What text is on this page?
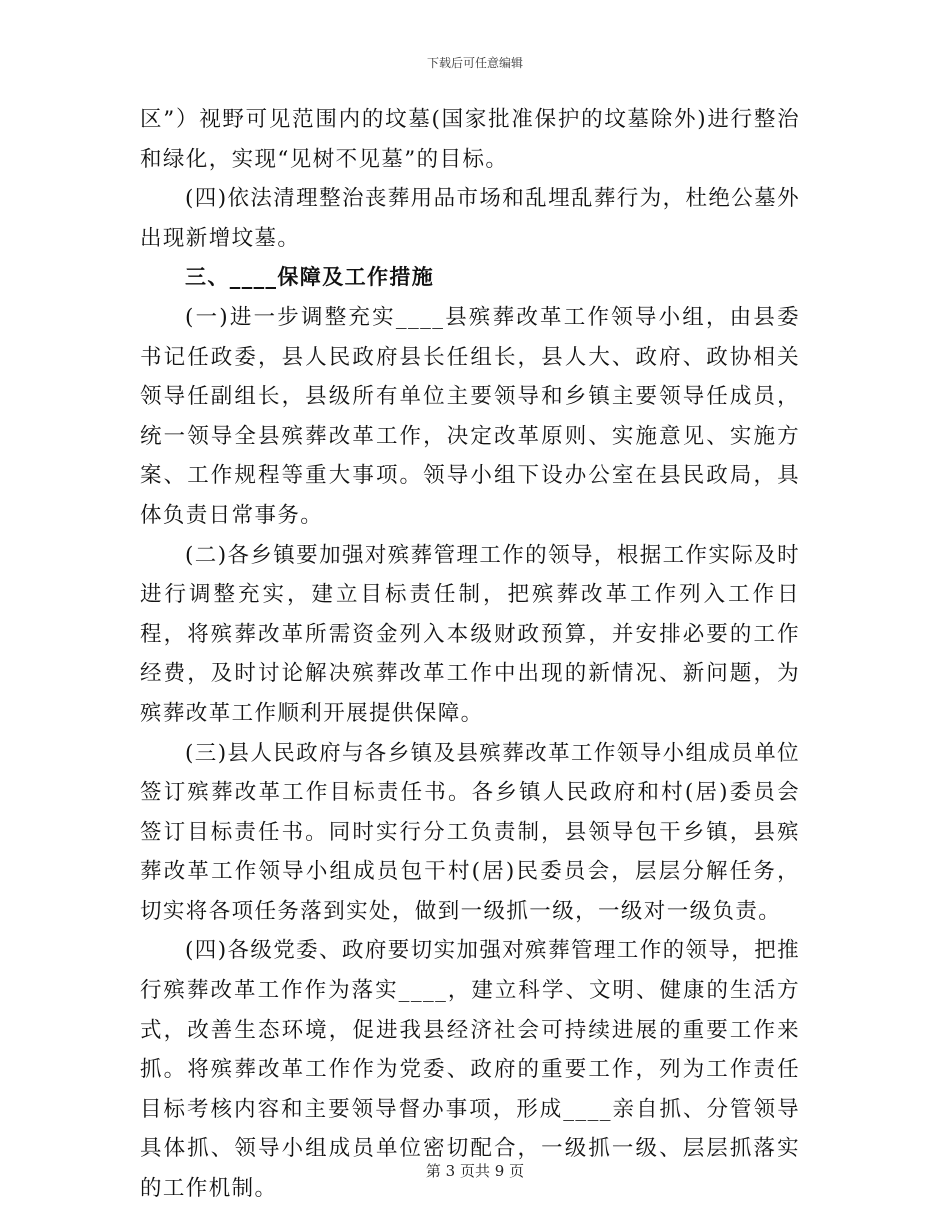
下载后可任意编辑

区”）视野可见范围内的坟墓(国家批准保护的坟墓除外)进行整治和绿化，实现“见树不见墓”的目标。

(四)依法清理整治丧葬用品市场和乱埋乱葬行为，杜绝公墓外出现新增坟墓。

三、____保障及工作措施

(一)进一步调整充实____县殡葬改革工作领导小组，由县委书记任政委，县人民政府县长任组长，县人大、政府、政协相关领导任副组长，县级所有单位主要领导和乡镇主要领导任成员，统一领导全县殡葬改革工作，决定改革原则、实施意见、实施方案、工作规程等重大事项。领导小组下设办公室在县民政局，具体负责日常事务。

(二)各乡镇要加强对殡葬管理工作的领导，根据工作实际及时进行调整充实，建立目标责任制，把殡葬改革工作列入工作日程，将殡葬改革所需资金列入本级财政预算，并安排必要的工作经费，及时讨论解决殡葬改革工作中出现的新情况、新问题，为殡葬改革工作顺利开展提供保障。

(三)县人民政府与各乡镇及县殡葬改革工作领导小组成员单位签订殡葬改革工作目标责任书。各乡镇人民政府和村(居)委员会签订目标责任书。同时实行分工负责制，县领导包干乡镇，县殡葬改革工作领导小组成员包干村(居)民委员会，层层分解任务，切实将各项任务落到实处，做到一级抓一级，一级对一级负责。

(四)各级党委、政府要切实加强对殡葬管理工作的领导，把推行殡葬改革工作作为落实____，建立科学、文明、健康的生活方式，改善生态环境，促进我县经济社会可持续进展的重要工作来抓。将殡葬改革工作作为党委、政府的重要工作，列为工作责任目标考核内容和主要领导督办事项，形成____亲自抓、分管领导具体抓、领导小组成员单位密切配合，一级抓一级、层层抓落实的工作机制。

第 3 页共 9 页
